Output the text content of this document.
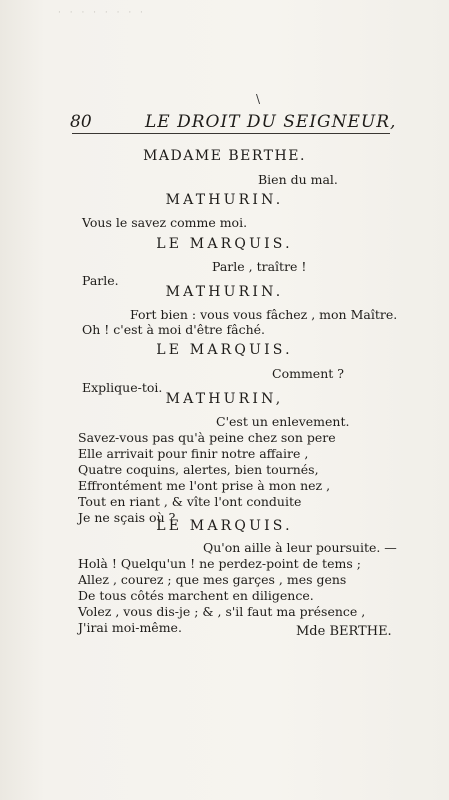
· · · · · · · ·
\
80	LE DROIT DU SEIGNEUR,
MADAME BERTHE.
Bien du mal.
MATHURIN.
Vous le savez comme moi.
LE MARQUIS.
Parle , traître !
Parle.
MATHURIN.
Fort bien : vous vous fâchez , mon Maître.
Oh ! c'est à moi d'être fâché.
LE MARQUIS.
Comment ?
Explique-toi.
MATHURIN,
C'est un enlevement.
Savez-vous pas qu'à peine chez son pere
Elle arrivait pour finir notre affaire ,
Quatre coquins, alertes, bien tournés,
Effrontément me l'ont prise à mon nez ,
Tout en riant , & vîte l'ont conduite
Je ne sçais où ?
LE MARQUIS.
Qu'on aille à leur poursuite. —
Holà ! Quelqu'un ! ne perdez-point de tems ;
Allez , courez ; que mes garçes , mes gens
De tous côtés marchent en diligence.
Volez , vous dis-je ; & , s'il faut ma présence ,
J'irai moi-même.	Mde BERTHE.
